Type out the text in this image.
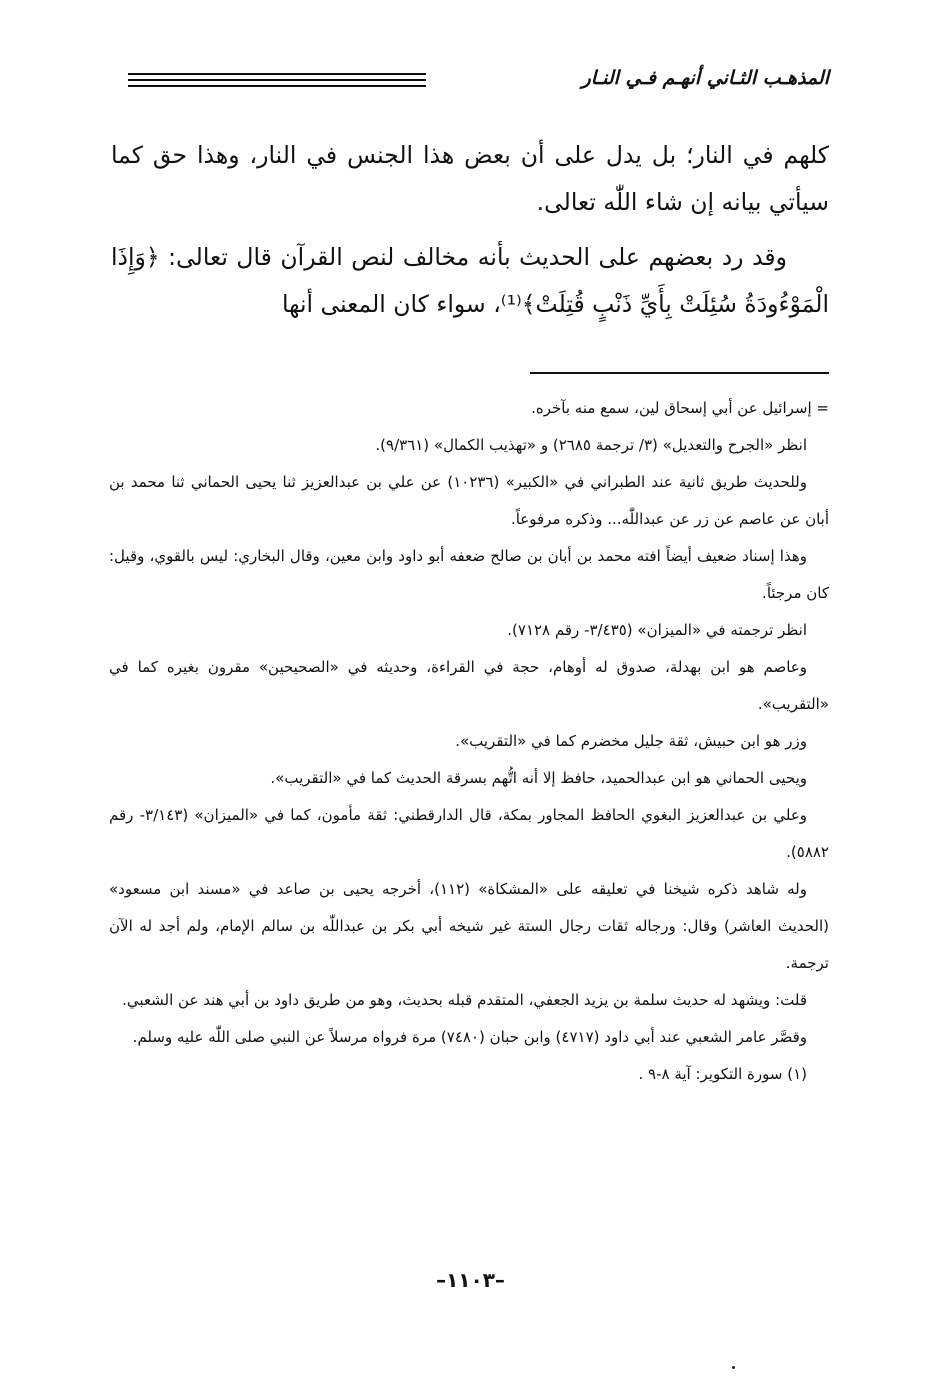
المذهـب الثـاني أنهـم فـي النـار

كلهم في النار؛ بل يدل على أن بعض هذا الجنس في النار، وهذا حق كما سيأتي بيانه إن شاء اللّٰه تعالى.

وقد رد بعضهم على الحديث بأنه مخالف لنص القرآن قال تعالى: ﴿وَإِذَا الْمَوْءُودَةُ سُئِلَتْ بِأَيِّ ذَنْبٍ قُتِلَتْ﴾⁽¹⁾، سواء كان المعنى أنها

= إسرائيل عن أبي إسحاق لين، سمع منه بآخره.

انظر «الجرح والتعديل» (٣/ ترجمة ٢٦٨٥) و «تهذيب الكمال» (٩/٣٦١).

وللحديث طريق ثانية عند الطبراني في «الكبير» (١٠٢٣٦) عن علي بن عبدالعزيز ثنا يحيى الحماني ثنا محمد بن أبان عن عاصم عن زر عن عبداللّٰه... وذكره مرفوعاً.

وهذا إسناد ضعيف أيضاً افته محمد بن أبان بن صالح ضعفه أبو داود وابن معين، وقال البخاري: ليس بالقوي، وقيل: كان مرجئاً.

انظر ترجمته في «الميزان» (٣/٤٣٥- رقم ٧١٢٨).

وعاصم هو ابن بهدلة، صدوق له أوهام، حجة في القراءة، وحديثه في «الصحيحين» مقرون بغيره كما في «التقريب».

وزر هو ابن حبيش، ثقة جليل مخضرم كما في «التقريب».

ويحيى الحماني هو ابن عبدالحميد، حافظ إلا أنه اتُّهم بسرقة الحديث كما في «التقريب».

وعلي بن عبدالعزيز البغوي الحافظ المجاور بمكة، قال الدارقطني: ثقة مأمون، كما في «الميزان» (٣/١٤٣- رقم ٥٨٨٢).

وله شاهد ذكره شيخنا في تعليقه على «المشكاة» (١١٢)، أخرجه يحيى بن صاعد في «مسند ابن مسعود» (الحديث العاشر) وقال: ورجاله ثقات رجال الستة غير شيخه أبي بكر بن عبداللّٰه بن سالم الإمام، ولم أجد له الآن ترجمة.

قلت: ويشهد له حديث سلمة بن يزيد الجعفي، المتقدم قبله بحديث، وهو من طريق داود بن أبي هند عن الشعبي.

وقصَّر عامر الشعبي عند أبي داود (٤٧١٧) وابن حبان (٧٤٨٠) مرة فرواه مرسلاً عن النبي صلى اللّٰه عليه وسلم.

(١) سورة التكوير: آية ٨-٩ .

–١١٠٣–
